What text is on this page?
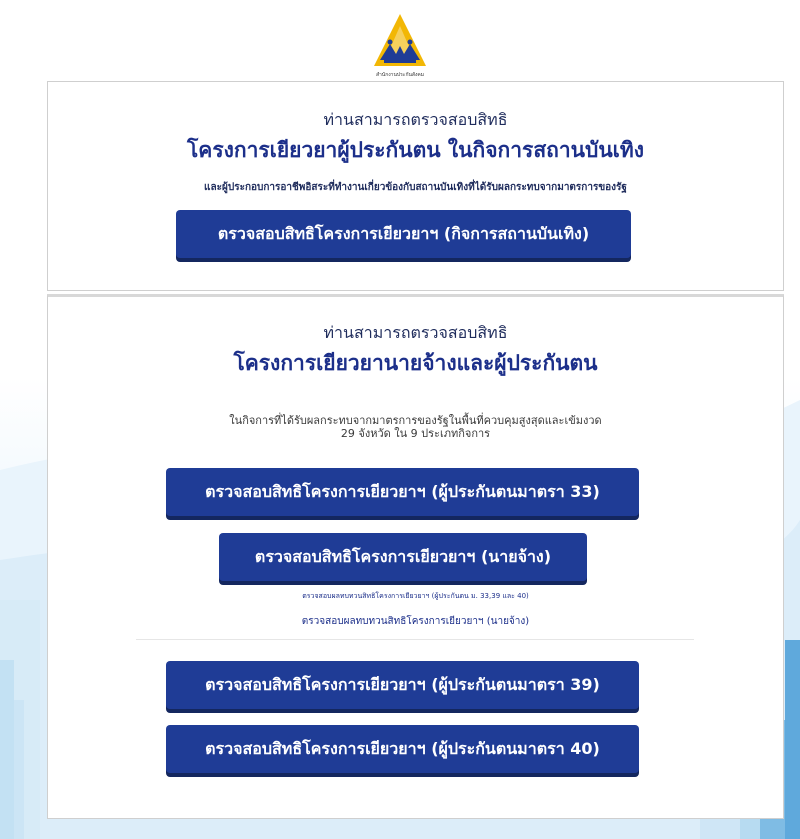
สำนักงานประกันสังคม
ท่านสามารถตรวจสอบสิทธิ
โครงการเยียวยาผู้ประกันตน ในกิจการสถานบันเทิง
และผู้ประกอบการอาชีพอิสระที่ทำงานเกี่ยวข้องกับสถานบันเทิงที่ได้รับผลกระทบจากมาตรการของรัฐ
ตรวจสอบสิทธิโครงการเยียวยาฯ (กิจการสถานบันเทิง)
ท่านสามารถตรวจสอบสิทธิ
โครงการเยียวยานายจ้างและผู้ประกันตน
ในกิจการที่ได้รับผลกระทบจากมาตรการของรัฐในพื้นที่ควบคุมสูงสุดและเข้มงวด
29 จังหวัด ใน 9 ประเภทกิจการ
ตรวจสอบสิทธิโครงการเยียวยาฯ (ผู้ประกันตนมาตรา 33)
ตรวจสอบสิทธิโครงการเยียวยาฯ (นายจ้าง)
ตรวจสอบผลทบทวนสิทธิโครงการเยียวยาฯ (ผู้ประกันตน ม. 33,39 และ 40)
ตรวจสอบผลทบทวนสิทธิโครงการเยียวยาฯ (นายจ้าง)
ตรวจสอบสิทธิโครงการเยียวยาฯ (ผู้ประกันตนมาตรา 39)
ตรวจสอบสิทธิโครงการเยียวยาฯ (ผู้ประกันตนมาตรา 40)
